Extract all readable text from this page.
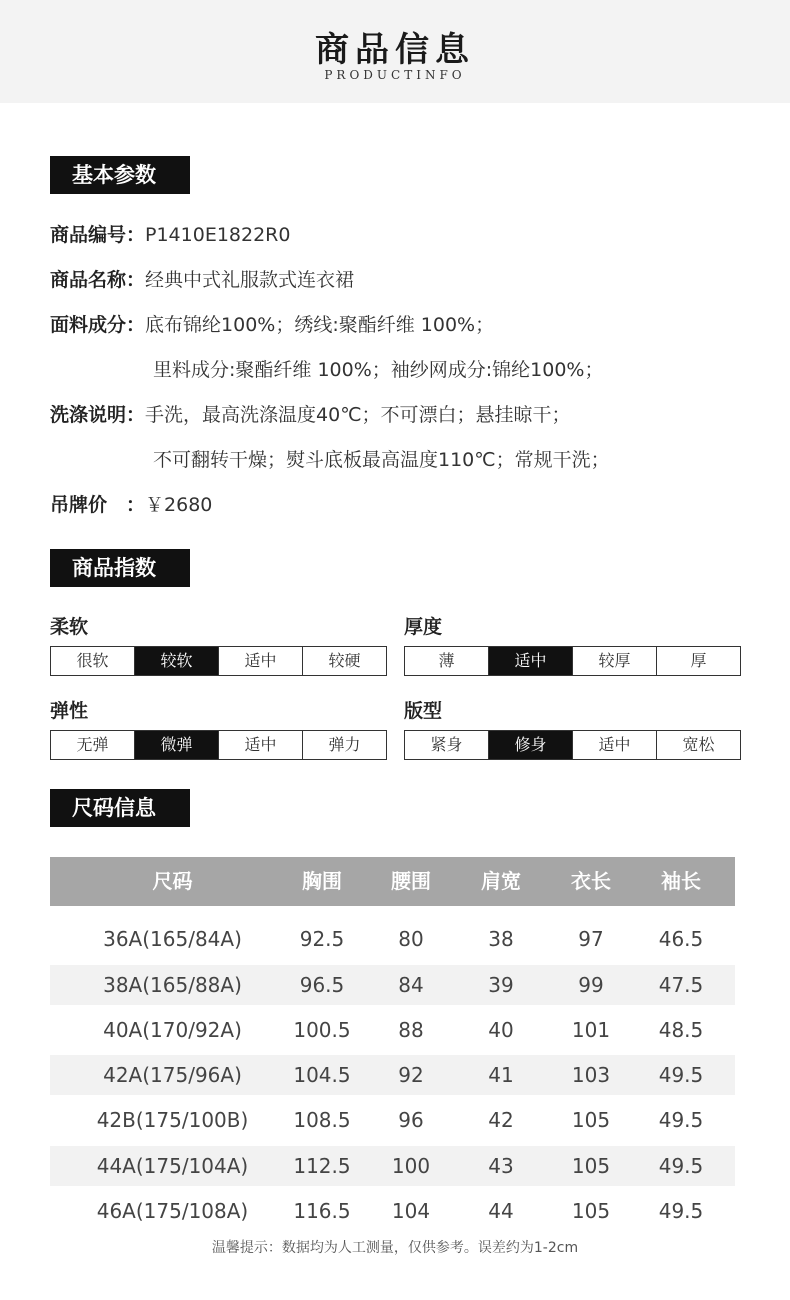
商品信息
PRODUCTINFO
基本参数
商品编号：P1410E1822R0
商品名称：经典中式礼服款式连衣裙
面料成分：底布锦纶100%；绣线:聚酯纤维 100%；
里料成分:聚酯纤维 100%；袖纱网成分:锦纶100%；
洗涤说明：手洗，最高洗涤温度40℃；不可漂白；悬挂晾干；
不可翻转干燥；熨斗底板最高温度110℃；常规干洗；
吊牌价　：￥2680
商品指数
柔软
很软	较软	适中	较硬
厚度
薄	适中	较厚	厚
弹性
无弹	微弹	适中	弹力
版型
紧身	修身	适中	宽松
尺码信息
尺码	胸围	腰围	肩宽	衣长	袖长
36A(165/84A)	92.5	80	38	97	46.5
38A(165/88A)	96.5	84	39	99	47.5
40A(170/92A)	100.5	88	40	101	48.5
42A(175/96A)	104.5	92	41	103	49.5
42B(175/100B)	108.5	96	42	105	49.5
44A(175/104A)	112.5	100	43	105	49.5
46A(175/108A)	116.5	104	44	105	49.5
温馨提示：数据均为人工测量，仅供参考。误差约为1-2cm
